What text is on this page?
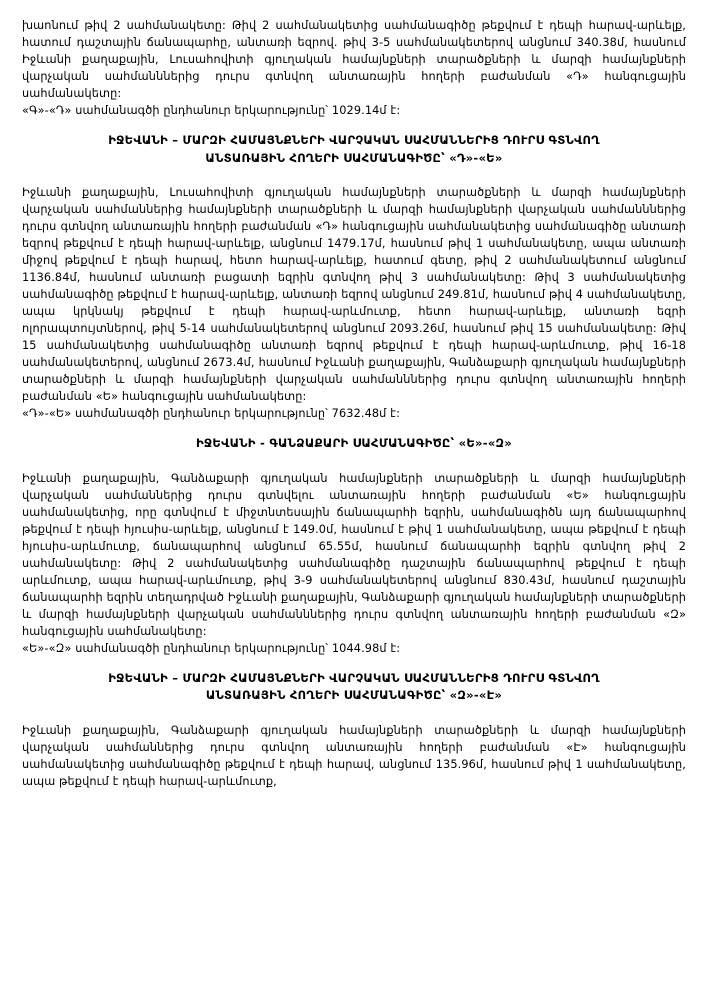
խաոնում թիվ 2 սահմանակետը: Թիվ 2 սահմանակետից սահմանագիծը թեքվում է դեպի հարավ-արևելք, հատում դաշտային ճանապարհը, անտառի եզրով. թիվ 3-5 սահմանակետերով անցնում 340.38մ, հասնում Իջևանի քաղաքային, Լուսահովիտի գյուղական համայնքների տարածքների և մարզի համայնքների վարչական սահմանններից դուրս գտնվող անտառային հողերի բաժանման «Դ» հանգուցային սահմանակետը:

«Գ»-«Դ» սահմանագծի ընդհանուր երկարությունը՝ 1029.14մ է:

ԻՋԵՎԱՆԻ – ՄԱՐԶԻ ՀԱՄԱՅՆՔՆԵՐԻ ՎԱՐՉԱԿԱՆ ՍԱՀՄԱՆՆԵՐԻՑ ԴՈՒՐՍ ԳՏՆՎՈՂ
ԱՆՏԱՌԱՅԻՆ ՀՈՂԵՐԻ ՍԱՀՄԱՆԱԳԻԾԸ՝ «Դ»-«Ե»

Իջևանի քաղաքային, Լուսահովիտի գյուղական համայնքների տարածքների և մարզի համայնքների վարչական սահմաններից համայնքների տարածքների և մարզի համայնքների վարչական սահմանններից դուրս գտնվող անտառային հողերի բաժանման «Դ» հանգուցային սահմանակետից սահմանագիծը անտառի եզրով թեքվում է դեպի հարավ-արևելք, անցնում 1479.17մ, հասնում թիվ 1 սահմանակետը, ապա անտառի միջով թեքվում է դեպի հարավ, հետո հարավ-արևելք, հատում գետը, թիվ 2 սահմանակետում անցնում 1136.84մ, հասնում անտառի բացատի եզրին գտնվող թիվ 3 սահմանակետը: Թիվ 3 սահմանակետից սահմանագիծը թեքվում է հարավ-արևելք, անտառի եզրով անցնում 249.81մ, հասնում թիվ 4 սահմանակետը, ապա կրկնակյ թեքվում է դեպի հարավ-արևմուտք, հետո հարավ-արևելք, անտառի եզրի ոլորապտույտներով, թիվ 5-14 սահմանակետերով անցնում 2093.26մ, հասնում թիվ 15 սահմանակետը: Թիվ 15 սահմանակետից սահմանագիծը անտառի եզրով թեքվում է դեպի հարավ-արևմուտք, թիվ 16-18 սահմանակետերով, անցնում 2673.4մ, հասնում Իջևանի քաղաքային, Գանձաքարի գյուղական համայնքների տարածքների և մարզի համայնքների վարչական սահմանններից դուրս գտնվող անտառային հողերի բաժանման «Ե» հանգուցային սահմանակետը:

«Դ»-«Ե» սահմանագծի ընդհանուր երկարությունը՝ 7632.48մ է:

ԻՋԵՎԱՆԻ - ԳԱՆՁԱՔԱՐԻ ՍԱՀՄԱՆԱԳԻԾԸ՝ «Ե»-«Զ»

Իջևանի քաղաքային, Գանձաքարի գյուղական համայնքների տարածքների և մարզի համայնքների վարչական սահմաններից դուրս գտնվելու անտառային հողերի բաժանման «Ե» հանգուցային սահմանակետից, որը գտնվում է միջտնտեսային ճանապարհի եզրին, սահմանագիծն այդ ճանապարհով թեքվում է դեպի հյուսիս-արևելք, անցնում է 149.0մ, հասնում է թիվ 1 սահմանակետը, ապա թեքվում է դեպի հյուսիս-արևմուտք, ճանապարհով անցնում 65.55մ, հասնում ճանապարհի եզրին գտնվող թիվ 2 սահմանակետը: Թիվ 2 սահմանակետից սահմանագիծը դաշտային ճանապարհով թեքվում է դեպի արևմուտք, ապա հարավ-արևմուտք, թիվ 3-9 սահմանակետերով անցնում 830.43մ, հասնում դաշտային ճանապարհի եզրին տեղադրված Իջևանի քաղաքային, Գանձաքարի գյուղական համայնքների տարածքների և մարզի համայնքների վարչական սահմանններից դուրս գտնվող անտառային հողերի բաժանման «Զ» հանգուցային սահմանակետը:

«Ե»-«Զ» սահմանագծի ընդհանուր երկարությունը՝ 1044.98մ է:

ԻՋԵՎԱՆԻ – ՄԱՐԶԻ ՀԱՄԱՅՆՔՆԵՐԻ ՎԱՐՉԱԿԱՆ ՍԱՀՄԱՆՆԵՐԻՑ ԴՈՒՐՍ ԳՏՆՎՈՂ
ԱՆՏԱՌԱՅԻՆ ՀՈՂԵՐԻ ՍԱՀՄԱՆԱԳԻԾԸ՝ «Զ»-«Է»

Իջևանի քաղաքային, Գանձաքարի գյուղական համայնքների տարածքների և մարզի համայնքների վարչական սահմաններից դուրս գտնվող անտառային հողերի բաժանման «Է» հանգուցային սահմանակետից սահմանագիծը թեքվում է դեպի հարավ, անցնում 135.96մ, հասնում թիվ 1 սահմանակետը, ապա թեքվում է դեպի հարավ-արևմուտք,
